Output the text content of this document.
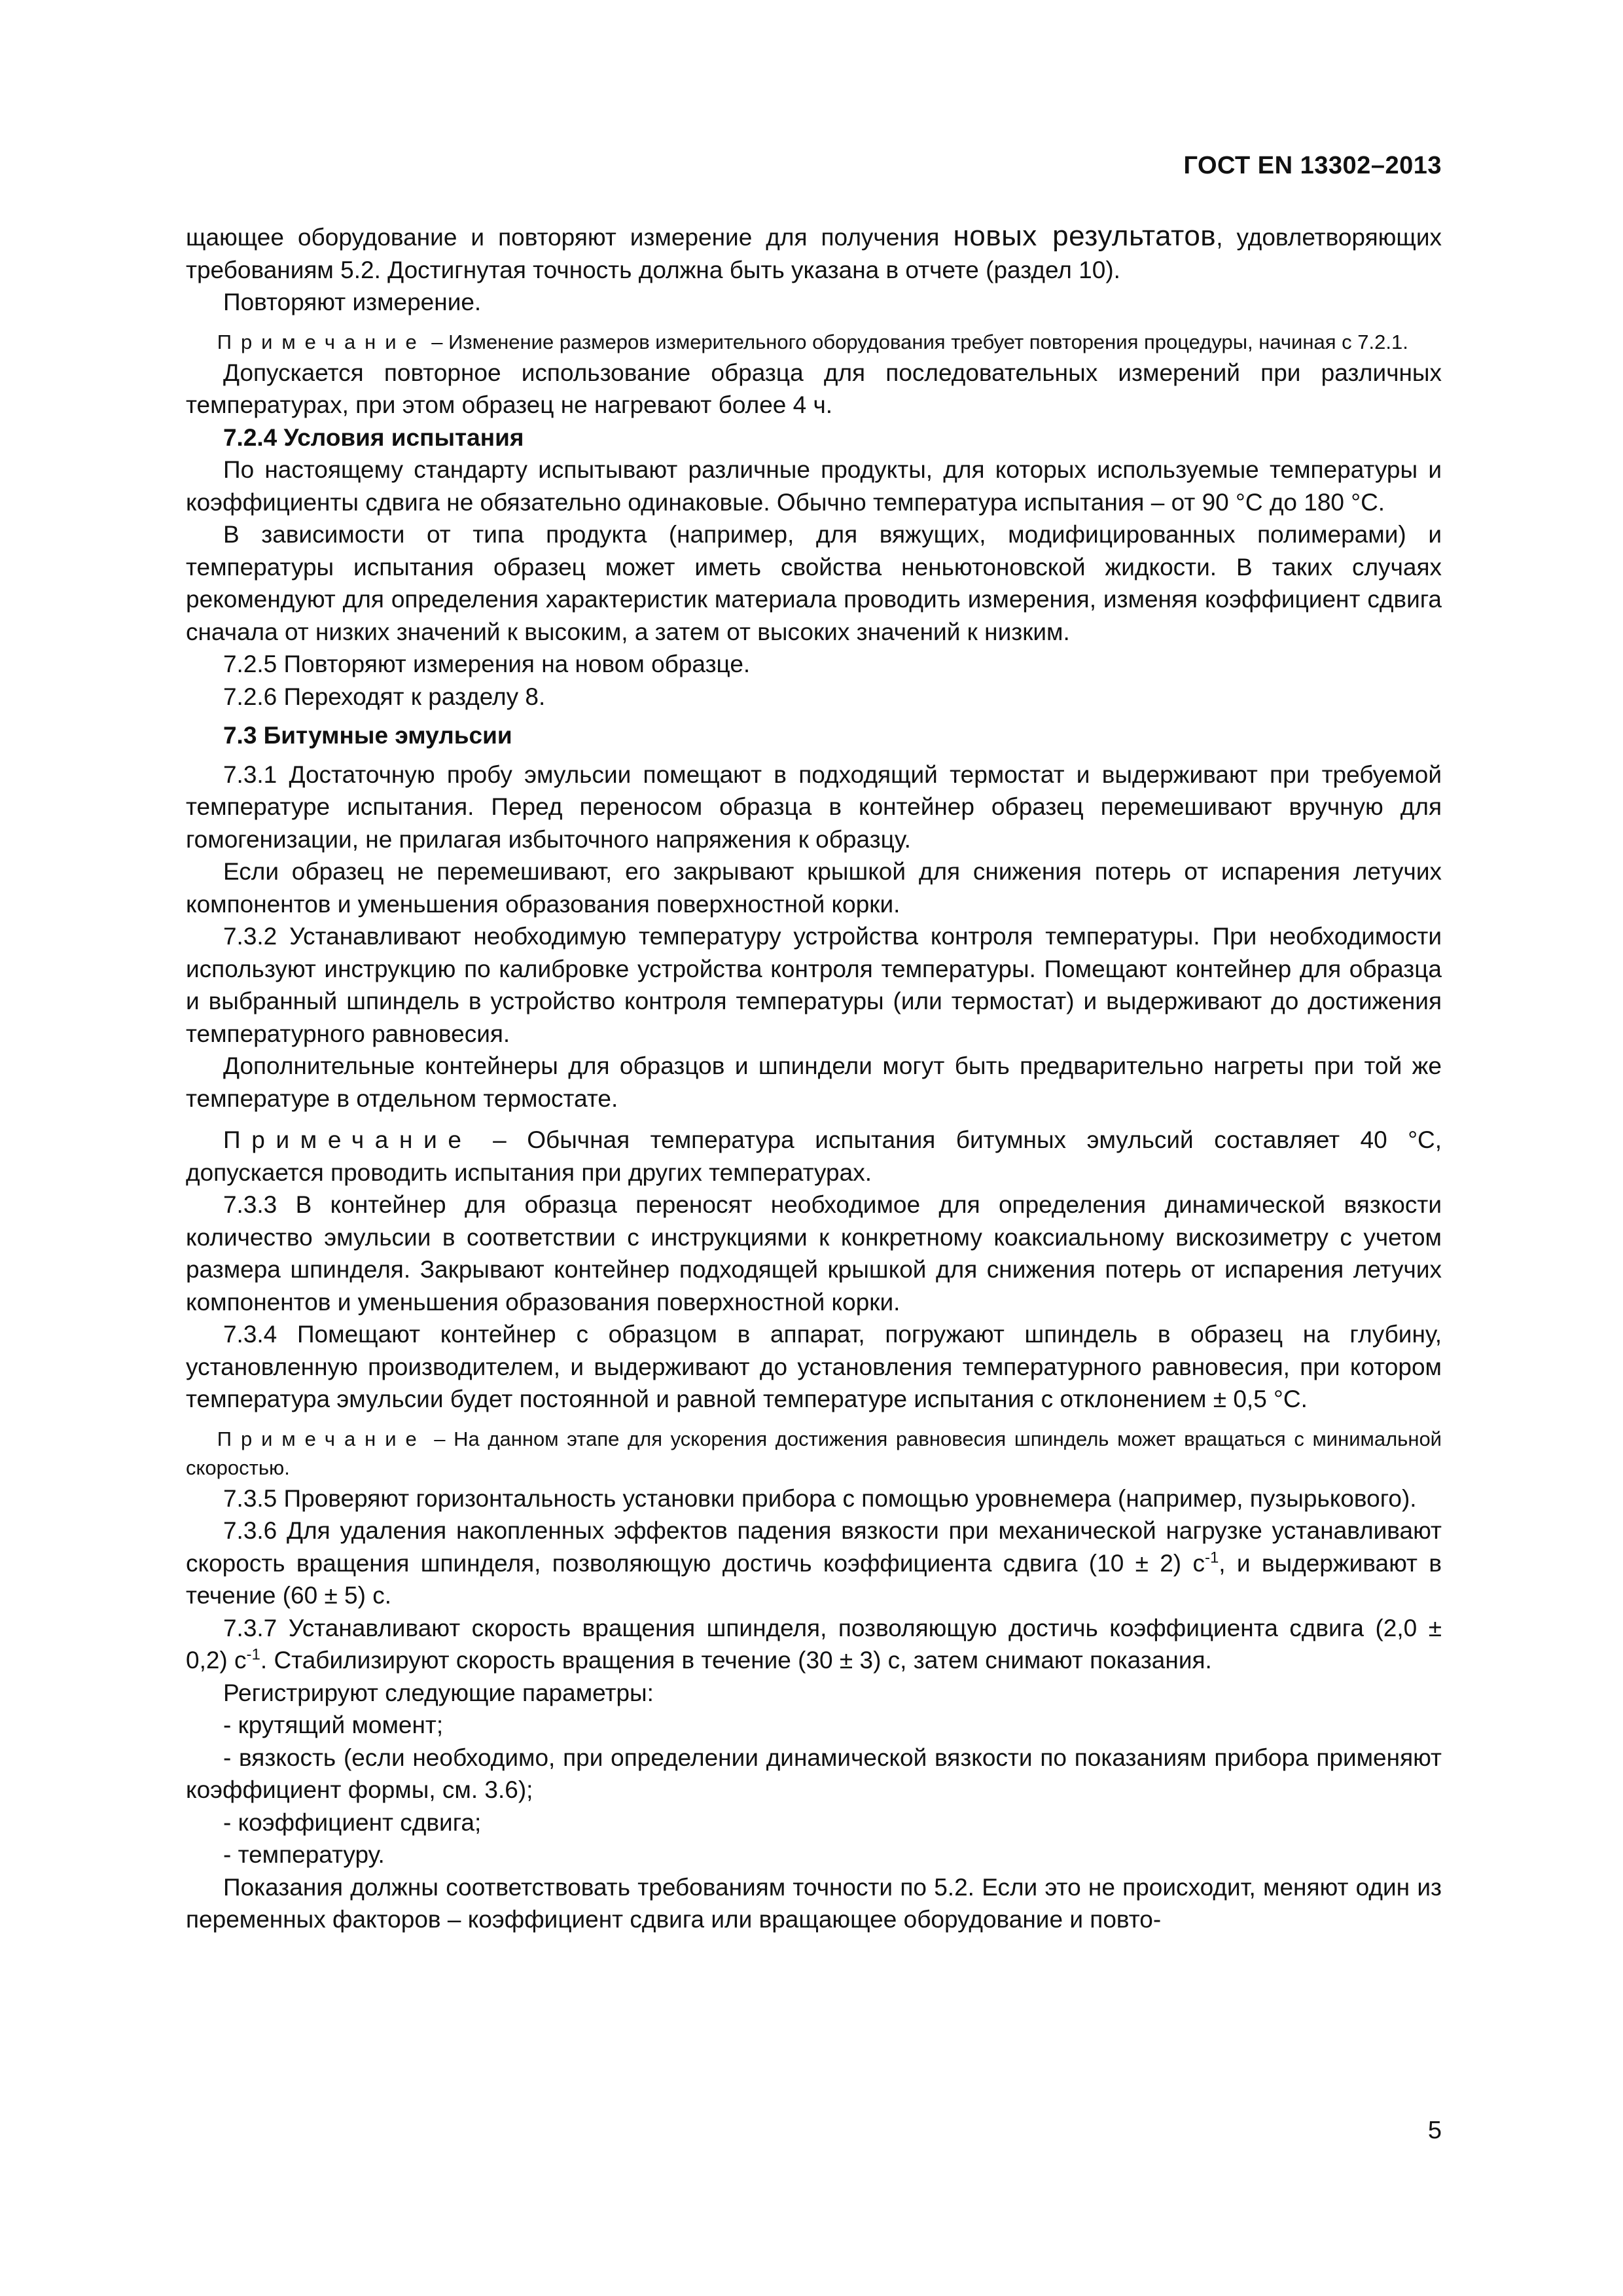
ГОСТ EN 13302–2013

щающее оборудование и повторяют измерение для получения новых результатов, удовлетворяющих требованиям 5.2. Достигнутая точность должна быть указана в отчете (раздел 10).

Повторяют измерение.

Примечание – Изменение размеров измерительного оборудования требует повторения процедуры, начиная с 7.2.1.

Допускается повторное использование образца для последовательных измерений при различных температурах, при этом образец не нагревают более 4 ч.

7.2.4 Условия испытания

По настоящему стандарту испытывают различные продукты, для которых используемые температуры и коэффициенты сдвига не обязательно одинаковые. Обычно температура испытания – от 90 °С до 180 °С.

В зависимости от типа продукта (например, для вяжущих, модифицированных полимерами) и температуры испытания образец может иметь свойства неньютоновской жидкости. В таких случаях рекомендуют для определения характеристик материала проводить измерения, изменяя коэффициент сдвига сначала от низких значений к высоким, а затем от высоких значений к низким.

7.2.5 Повторяют измерения на новом образце.

7.2.6 Переходят к разделу 8.

7.3 Битумные эмульсии

7.3.1 Достаточную пробу эмульсии помещают в подходящий термостат и выдерживают при требуемой температуре испытания. Перед переносом образца в контейнер образец перемешивают вручную для гомогенизации, не прилагая избыточного напряжения к образцу.

Если образец не перемешивают, его закрывают крышкой для снижения потерь от испарения летучих компонентов и уменьшения образования поверхностной корки.

7.3.2 Устанавливают необходимую температуру устройства контроля температуры. При необходимости используют инструкцию по калибровке устройства контроля температуры. Помещают контейнер для образца и выбранный шпиндель в устройство контроля температуры (или термостат) и выдерживают до достижения температурного равновесия.

Дополнительные контейнеры для образцов и шпиндели могут быть предварительно нагреты при той же температуре в отдельном термостате.

Примечание – Обычная температура испытания битумных эмульсий составляет 40 °С, допускается проводить испытания при других температурах.

7.3.3 В контейнер для образца переносят необходимое для определения динамической вязкости количество эмульсии в соответствии с инструкциями к конкретному коаксиальному вискозиметру с учетом размера шпинделя. Закрывают контейнер подходящей крышкой для снижения потерь от испарения летучих компонентов и уменьшения образования поверхностной корки.

7.3.4 Помещают контейнер с образцом в аппарат, погружают шпиндель в образец на глубину, установленную производителем, и выдерживают до установления температурного равновесия, при котором температура эмульсии будет постоянной и равной температуре испытания с отклонением ± 0,5 °С.

Примечание – На данном этапе для ускорения достижения равновесия шпиндель может вращаться с минимальной скоростью.

7.3.5 Проверяют горизонтальность установки прибора с помощью уровнемера (например, пузырькового).

7.3.6 Для удаления накопленных эффектов падения вязкости при механической нагрузке устанавливают скорость вращения шпинделя, позволяющую достичь коэффициента сдвига (10 ± 2) $с^{-1}$, и выдерживают в течение (60 ± 5) с.

7.3.7 Устанавливают скорость вращения шпинделя, позволяющую достичь коэффициента сдвига (2,0 ± 0,2) $с^{-1}$. Стабилизируют скорость вращения в течение (30 ± 3) с, затем снимают показания.

Регистрируют следующие параметры:

- крутящий момент;

- вязкость (если необходимо, при определении динамической вязкости по показаниям прибора применяют коэффициент формы, см. 3.6);

- коэффициент сдвига;

- температуру.

Показания должны соответствовать требованиям точности по 5.2. Если это не происходит, меняют один из переменных факторов – коэффициент сдвига или вращающее оборудование и повто-

5
